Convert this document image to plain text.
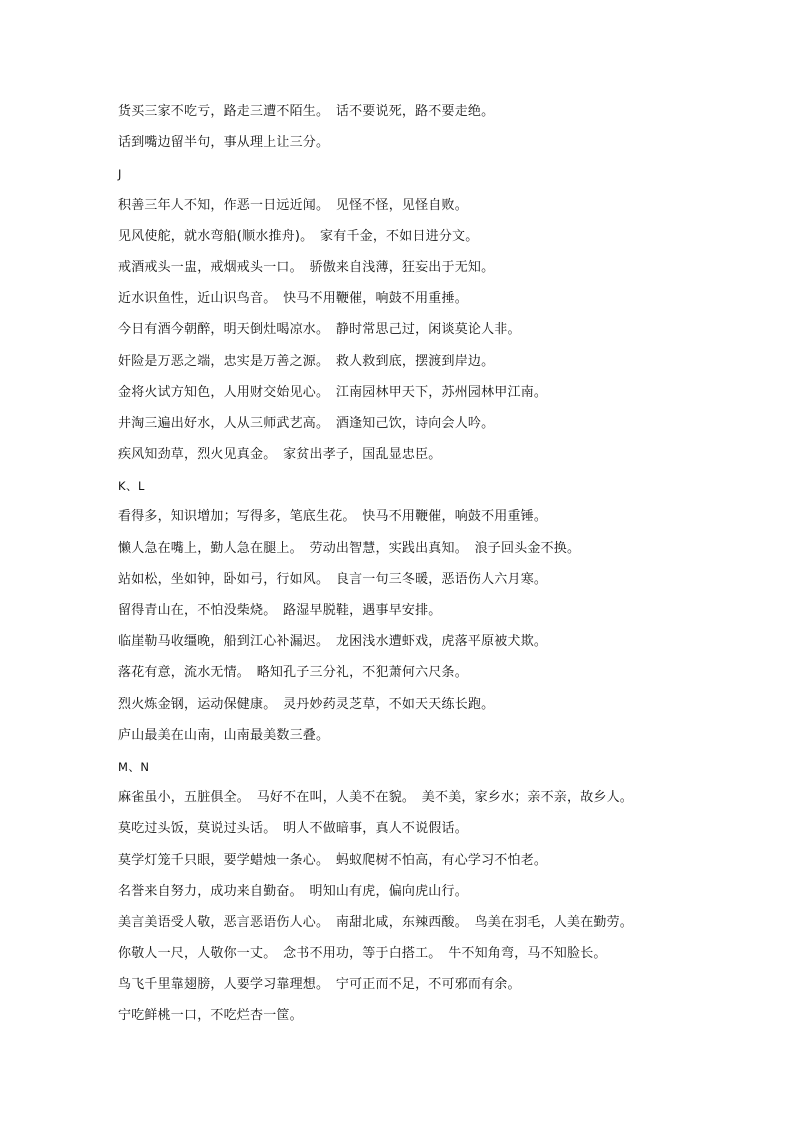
货买三家不吃亏，路走三遭不陌生。　话不要说死，路不要走绝。
话到嘴边留半句，事从理上让三分。
J
积善三年人不知，作恶一日远近闻。　见怪不怪，见怪自败。
见风使舵，就水弯船(顺水推舟)。　家有千金，不如日进分文。
戒酒戒头一盅，戒烟戒头一口。　骄傲来自浅薄，狂妄出于无知。
近水识鱼性，近山识鸟音。　快马不用鞭催，响鼓不用重捶。
今日有酒今朝醉，明天倒灶喝凉水。　静时常思己过，闲谈莫论人非。
奸险是万恶之端，忠实是万善之源。　救人救到底，摆渡到岸边。
金将火试方知色，人用财交始见心。　江南园林甲天下，苏州园林甲江南。
井淘三遍出好水，人从三师武艺高。　酒逢知己饮，诗向会人吟。
疾风知劲草，烈火见真金。　家贫出孝子，国乱显忠臣。
K、L
看得多，知识增加；写得多，笔底生花。　快马不用鞭催，响鼓不用重锤。
懒人急在嘴上，勤人急在腿上。　劳动出智慧，实践出真知。　浪子回头金不换。
站如松，坐如钟，卧如弓，行如风。　良言一句三冬暖，恶语伤人六月寒。
留得青山在，不怕没柴烧。　路湿早脱鞋，遇事早安排。
临崖勒马收缰晚，船到江心补漏迟。　龙困浅水遭虾戏，虎落平原被犬欺。
落花有意，流水无情。　略知孔子三分礼，不犯萧何六尺条。
烈火炼金钢，运动保健康。　灵丹妙药灵芝草，不如天天练长跑。
庐山最美在山南，山南最美数三叠。
M、N
麻雀虽小，五脏俱全。　马好不在叫，人美不在貌。　美不美，家乡水；亲不亲，故乡人。
莫吃过头饭，莫说过头话。　明人不做暗事，真人不说假话。
莫学灯笼千只眼，要学蜡烛一条心。　蚂蚁爬树不怕高，有心学习不怕老。
名誉来自努力，成功来自勤奋。　明知山有虎，偏向虎山行。
美言美语受人敬，恶言恶语伤人心。　南甜北咸，东辣西酸。　鸟美在羽毛，人美在勤劳。
你敬人一尺，人敬你一丈。　念书不用功，等于白搭工。　牛不知角弯，马不知脸长。
鸟飞千里靠翅膀，人要学习靠理想。　宁可正而不足，不可邪而有余。
宁吃鲜桃一口，不吃烂杏一筐。
